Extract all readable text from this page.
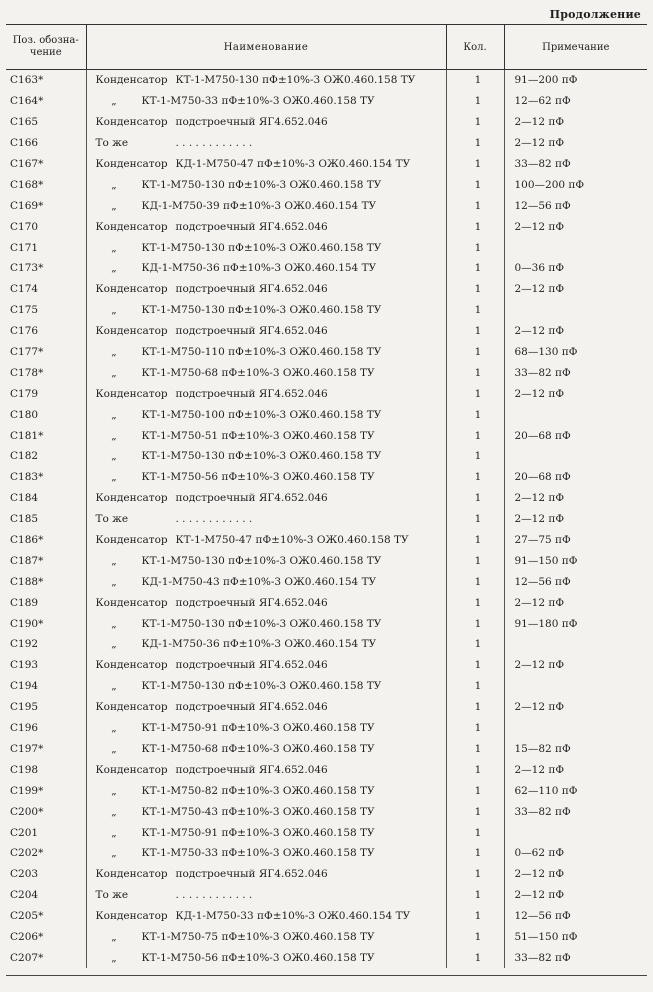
Продолжение
Поз. обозна-
чение	Наименование	Кол.	Примечание
С163*	Конденсатор КТ-1-М750-130 пФ±10%-3 ОЖ0.460.158 ТУ	1	91—200 пФ
С164*	„ КТ-1-М750-33 пФ±10%-3 ОЖ0.460.158 ТУ	1	12—62 пФ
С165	Конденсатор подстроечный ЯГ4.652.046	1	2—12 пФ
С166	То же . . . . . . . . . . . .	1	2—12 пФ
С167*	Конденсатор КД-1-М750-47 пФ±10%-3 ОЖ0.460.154 ТУ	1	33—82 пФ
С168*	„ КТ-1-М750-130 пФ±10%-3 ОЖ0.460.158 ТУ	1	100—200 пФ
С169*	„ КД-1-М750-39 пФ±10%-3 ОЖ0.460.154 ТУ	1	12—56 пФ
С170	Конденсатор подстроечный ЯГ4.652.046	1	2—12 пФ
С171	„ КТ-1-М750-130 пФ±10%-3 ОЖ0.460.158 ТУ	1	
С173*	„ КД-1-М750-36 пФ±10%-3 ОЖ0.460.154 ТУ	1	0—36 пФ
С174	Конденсатор подстроечный ЯГ4.652.046	1	2—12 пФ
С175	„ КТ-1-М750-130 пФ±10%-3 ОЖ0.460.158 ТУ	1	
С176	Конденсатор подстроечный ЯГ4.652.046	1	2—12 пФ
С177*	„ КТ-1-М750-110 пФ±10%-3 ОЖ0.460.158 ТУ	1	68—130 пФ
С178*	„ КТ-1-М750-68 пФ±10%-3 ОЖ0.460.158 ТУ	1	33—82 пФ
С179	Конденсатор подстроечный ЯГ4.652.046	1	2—12 пФ
С180	„ КТ-1-М750-100 пФ±10%-3 ОЖ0.460.158 ТУ	1	
С181*	„ КТ-1-М750-51 пФ±10%-3 ОЖ0.460.158 ТУ	1	20—68 пФ
С182	„ КТ-1-М750-130 пФ±10%-3 ОЖ0.460.158 ТУ	1	
С183*	„ КТ-1-М750-56 пФ±10%-3 ОЖ0.460.158 ТУ	1	20—68 пФ
С184	Конденсатор подстроечный ЯГ4.652.046	1	2—12 пФ
С185	То же . . . . . . . . . . . .	1	2—12 пФ
С186*	Конденсатор КТ-1-М750-47 пФ±10%-3 ОЖ0.460.158 ТУ	1	27—75 пФ
С187*	„ КТ-1-М750-130 пФ±10%-3 ОЖ0.460.158 ТУ	1	91—150 пФ
С188*	„ КД-1-М750-43 пФ±10%-3 ОЖ0.460.154 ТУ	1	12—56 пФ
С189	Конденсатор подстроечный ЯГ4.652.046	1	2—12 пФ
С190*	„ КТ-1-М750-130 пФ±10%-3 ОЖ0.460.158 ТУ	1	91—180 пФ
С192	„ КД-1-М750-36 пФ±10%-3 ОЖ0.460.154 ТУ	1	
С193	Конденсатор подстроечный ЯГ4.652.046	1	2—12 пФ
С194	„ КТ-1-М750-130 пФ±10%-3 ОЖ0.460.158 ТУ	1	
С195	Конденсатор подстроечный ЯГ4.652.046	1	2—12 пФ
С196	„ КТ-1-М750-91 пФ±10%-3 ОЖ0.460.158 ТУ	1	
С197*	„ КТ-1-М750-68 пФ±10%-3 ОЖ0.460.158 ТУ	1	15—82 пФ
С198	Конденсатор подстроечный ЯГ4.652.046	1	2—12 пФ
С199*	„ КТ-1-М750-82 пФ±10%-3 ОЖ0.460.158 ТУ	1	62—110 пФ
С200*	„ КТ-1-М750-43 пФ±10%-3 ОЖ0.460.158 ТУ	1	33—82 пФ
С201	„ КТ-1-М750-91 пФ±10%-3 ОЖ0.460.158 ТУ	1	
С202*	„ КТ-1-М750-33 пФ±10%-3 ОЖ0.460.158 ТУ	1	0—62 пФ
С203	Конденсатор подстроечный ЯГ4.652.046	1	2—12 пФ
С204	То же . . . . . . . . . . . .	1	2—12 пФ
С205*	Конденсатор КД-1-М750-33 пФ±10%-3 ОЖ0.460.154 ТУ	1	12—56 пФ
С206*	„ КТ-1-М750-75 пФ±10%-3 ОЖ0.460.158 ТУ	1	51—150 пФ
С207*	„ КТ-1-М750-56 пФ±10%-3 ОЖ0.460.158 ТУ	1	33—82 пФ
